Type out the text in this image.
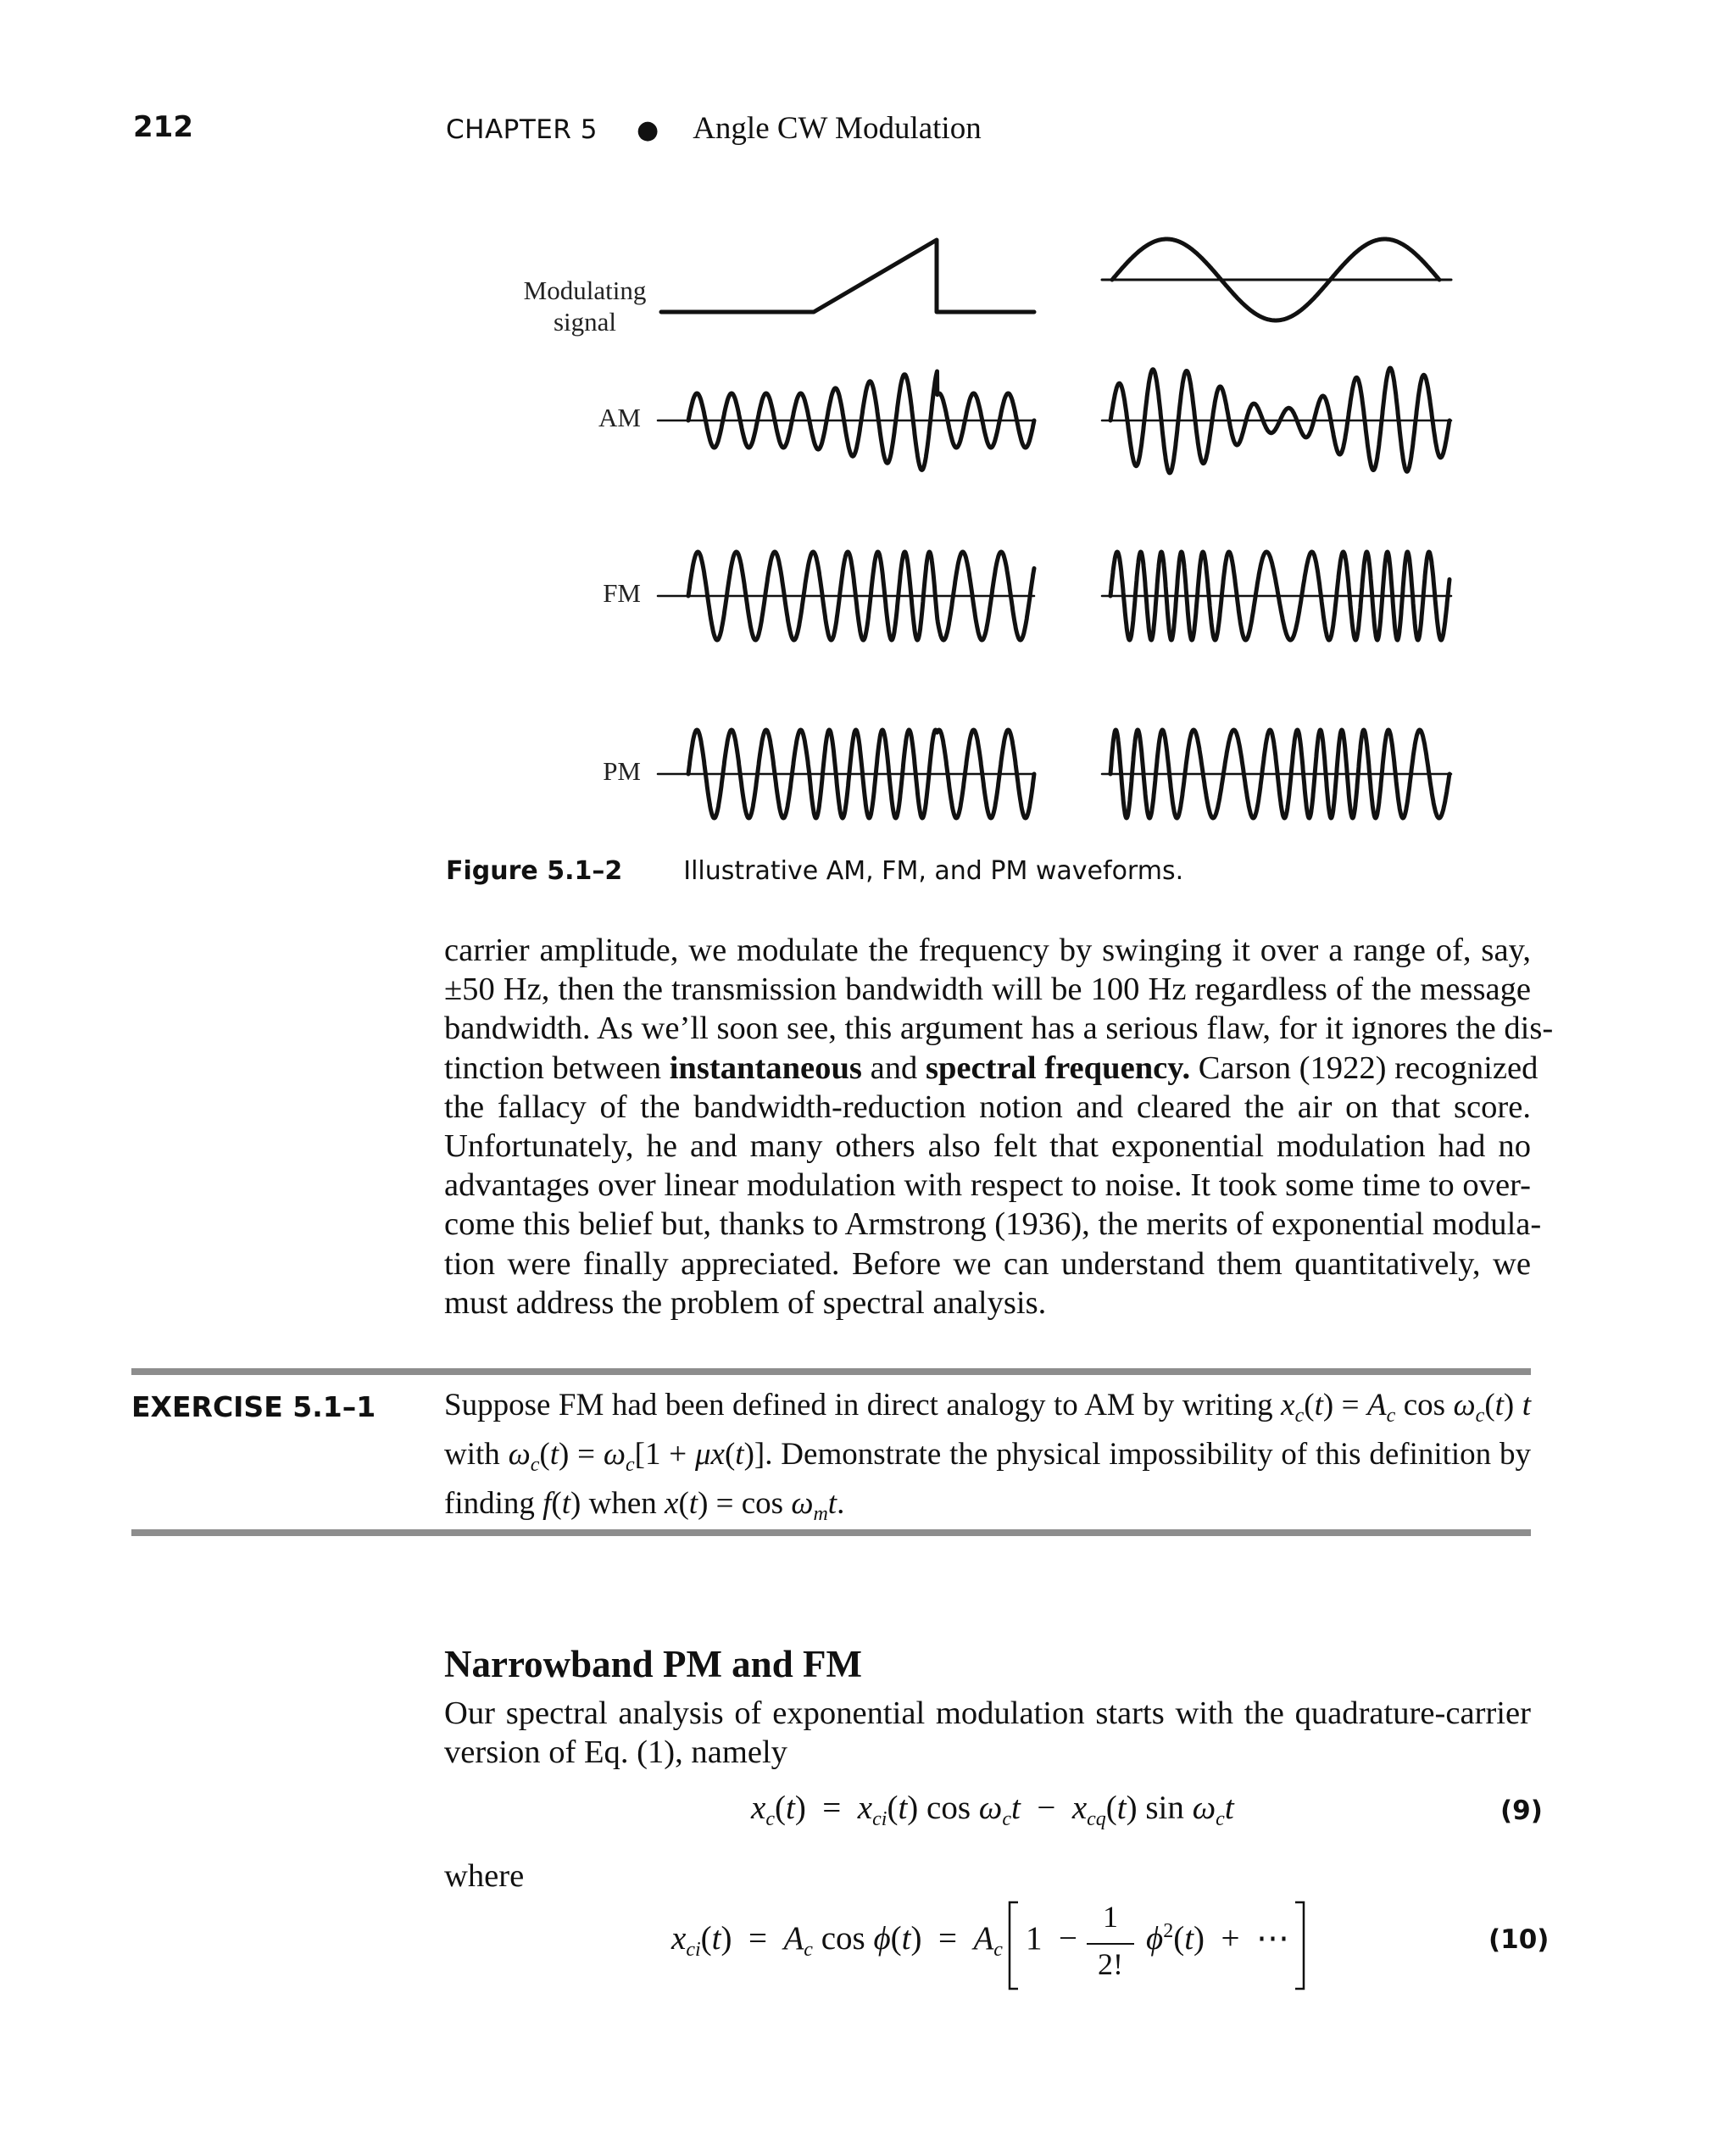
212	CHAPTER 5 ● Angle CW Modulation
Modulating
signal
AM
FM
PM
Figure 5.1–2 Illustrative AM, FM, and PM waveforms.
carrier amplitude, we modulate the frequency by swinging it over a range of, say,
±50 Hz, then the transmission bandwidth will be 100 Hz regardless of the message
bandwidth. As we’ll soon see, this argument has a serious flaw, for it ignores the dis-
tinction between instantaneous and spectral frequency. Carson (1922) recognized
the fallacy of the bandwidth-reduction notion and cleared the air on that score.
Unfortunately, he and many others also felt that exponential modulation had no
advantages over linear modulation with respect to noise. It took some time to over-
come this belief but, thanks to Armstrong (1936), the merits of exponential modula-
tion were finally appreciated. Before we can understand them quantitatively, we
must address the problem of spectral analysis.
EXERCISE 5.1–1 Suppose FM had been defined in direct analogy to AM by writing $x_c(t) = A_c$ $\cos \omega_c(t)$ t
with $\omega_c(t) = \omega_c[1 + \mu x(t)]$. Demonstrate the physical impossibility of this definition by
finding f(t) when $x(t) = \cos \omega_mt$.
Narrowband PM and FM
Our spectral analysis of exponential modulation starts with the quadrature-carrier
version of Eq. (1), namely
$x_c(t) = x_{ci}(t)$ $\cos \omega_ct - x_{cq}(t)$ $\sin \omega_ct$	(9)
where
$x_{ci}(t) = A_c$ $\cos \phi(t) = A_c$ 1  −
1
2!
$\phi^2(t)$  +  ⋯	(10)
